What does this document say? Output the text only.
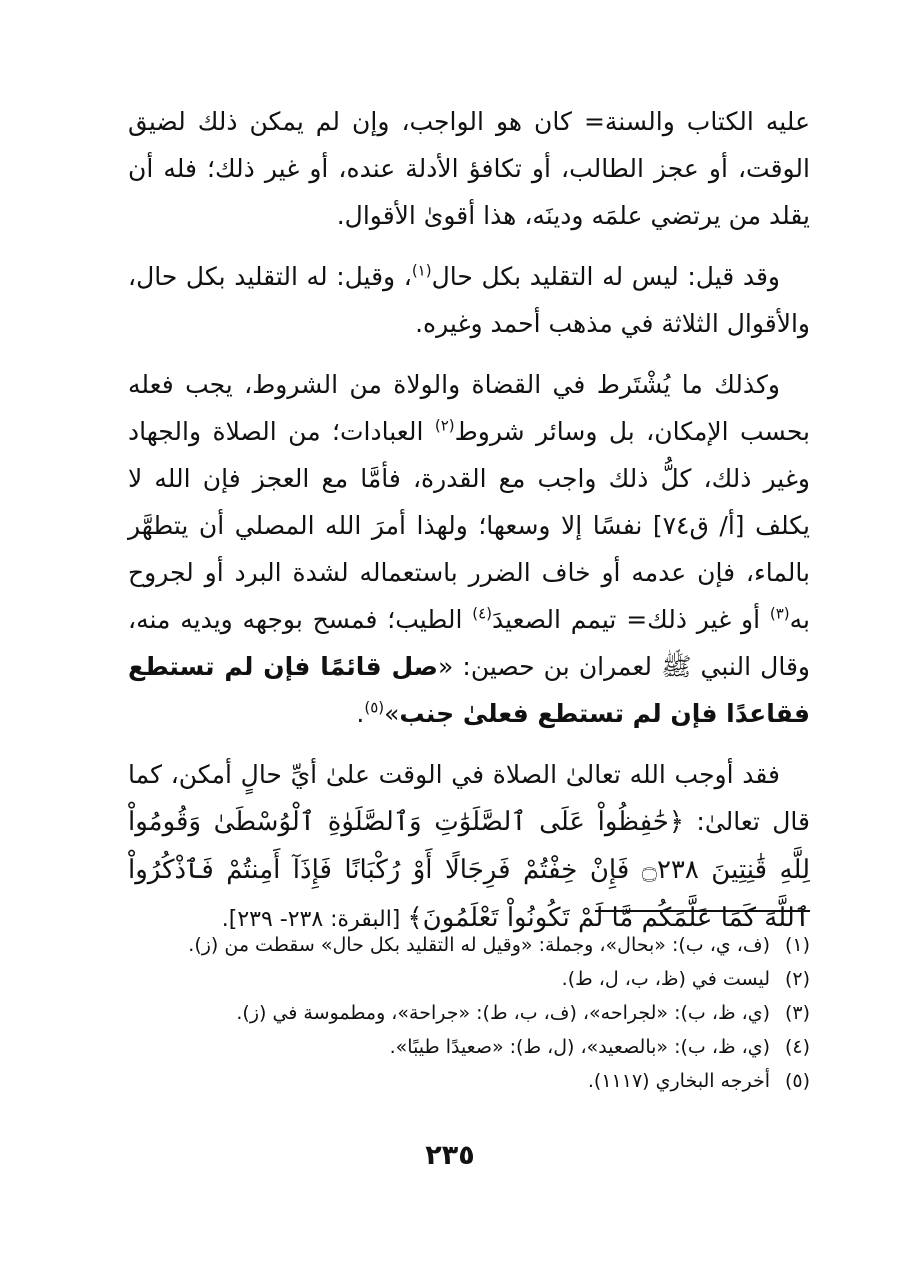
عليه الكتاب والسنة= كان هو الواجب، وإن لم يمكن ذلك لضيق الوقت، أو عجز الطالب، أو تكافؤ الأدلة عنده، أو غير ذلك؛ فله أن يقلد من يرتضي علمَه ودينَه، هذا أقوىٰ الأقوال.

وقد قيل: ليس له التقليد بكل حال$^{(١)}$، وقيل: له التقليد بكل حال، والأقوال الثلاثة في مذهب أحمد وغيره.

وكذلك ما يُشْتَرط في القضاة والولاة من الشروط، يجب فعله بحسب الإمكان، بل وسائر شروط$^{(٢)}$ العبادات؛ من الصلاة والجهاد وغير ذلك، كلُّ ذلك واجب مع القدرة، فأمَّا مع العجز فإن الله لا يكلف [أ/ ق٧٤] نفسًا إلا وسعها؛ ولهذا أمرَ الله المصلي أن يتطهَّر بالماء، فإن عدمه أو خاف الضرر باستعماله لشدة البرد أو لجروح به$^{(٣)}$ أو غير ذلك= تيمم الصعيدَ$^{(٤)}$ الطيب؛ فمسح بوجهه ويديه منه، وقال النبي ﷺ لعمران بن حصين: «صل قائمًا فإن لم تستطع فقاعدًا فإن لم تستطع فعلىٰ جنب»$^{(٥)}$.

فقد أوجب الله تعالىٰ الصلاة في الوقت علىٰ أيِّ حالٍ أمكن، كما قال تعالىٰ: ﴿حَٰفِظُواْ عَلَى ٱلصَّلَوَٰتِ وَٱلصَّلَوٰةِ ٱلْوُسْطَىٰ وَقُومُواْ لِلَّهِ قَٰنِتِينَ ۝٢٣٨ فَإِنْ خِفْتُمْ فَرِجَالًا أَوْ رُكْبَانًا فَإِذَآ أَمِنتُمْ فَٱذْكُرُواْ ٱللَّهَ كَمَا عَلَّمَكُم مَّا لَمْ تَكُونُواْ تَعْلَمُونَ﴾ [البقرة: ٢٣٨- ٢٣٩].

(١)(ف، ي، ب): «بحال»، وجملة: «وقيل له التقليد بكل حال» سقطت من (ز).
(٢)ليست في (ظ، ب، ل، ط).
(٣)(ي، ظ، ب): «لجراحه»، (ف، ب، ط): «جراحة»، ومطموسة في (ز).
(٤)(ي، ظ، ب): «بالصعيد»، (ل، ط): «صعيدًا طيبًا».
(٥)أخرجه البخاري (١١١٧).
٢٣٥
